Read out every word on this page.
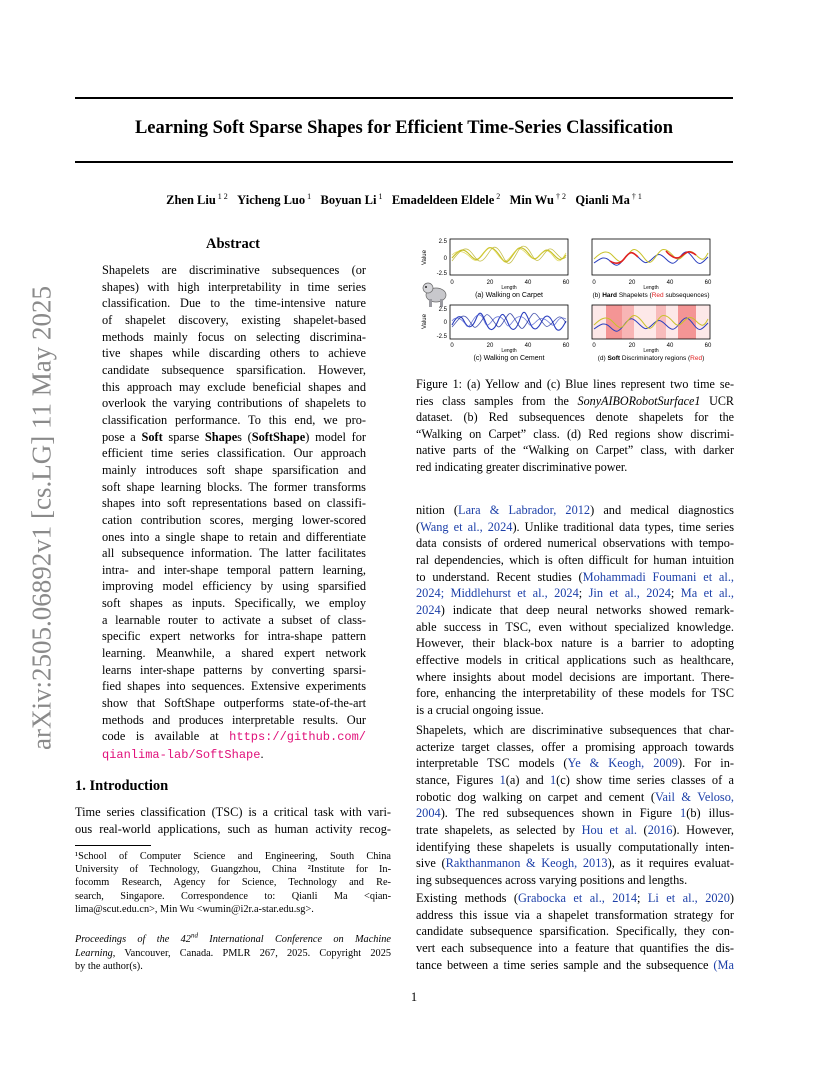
Learning Soft Sparse Shapes for Efficient Time-Series Classification
Zhen Liu $^{1 2}$ Yicheng Luo $^1$ Boyuan Li $^1$ Emadeldeen Eldele $^2$ Min Wu $^{\dagger 2}$ Qianli Ma $^{\dagger 1}$
arXiv:2505.06892v1 [cs.LG] 11 May 2025
Abstract
Shapelets are discriminative subsequences (or
shapes) with high interpretability in time series
classification. Due to the time-intensive nature
of shapelet discovery, existing shapelet-based
methods mainly focus on selecting discrimina-
tive shapes while discarding others to achieve
candidate subsequence sparsification. However,
this approach may exclude beneficial shapes and
overlook the varying contributions of shapelets to
classification performance. To this end, we pro-
pose a Soft sparse Shapes (SoftShape) model for
efficient time series classification. Our approach
mainly introduces soft shape sparsification and
soft shape learning blocks. The former transforms
shapes into soft representations based on classifi-
cation contribution scores, merging lower-scored
ones into a single shape to retain and differentiate
all subsequence information. The latter facilitates
intra- and inter-shape temporal pattern learning,
improving model efficiency by using sparsified
soft shapes as inputs. Specifically, we employ
a learnable router to activate a subset of class-
specific expert networks for intra-shape pattern
learning. Meanwhile, a shared expert network
learns inter-shape patterns by converting sparsi-
fied shapes into sequences. Extensive experiments
show that SoftShape outperforms state-of-the-art
methods and produces interpretable results. Our
code is available at https://github.com/
qianlima-lab/SoftShape.
1. Introduction
Time series classification (TSC) is a critical task with vari-
ous real-world applications, such as human activity recog-
¹School of Computer Science and Engineering, South China
University of Technology, Guangzhou, China ²Institute for In-
focomm Research, Agency for Science, Technology and Re-
search, Singapore. Correspondence to: Qianli Ma <qian-
lima@scut.edu.cn>, Min Wu <wumin@i2r.a-star.edu.sg>.
Proceedings of the 42nd International Conference on Machine
Learning, Vancouver, Canada. PMLR 267, 2025. Copyright 2025
by the author(s).
Value
2.5
0
-2.5
0	20	40	60
Length
(a) Walking on Carpet
0	20	40	60
Length
(b) Hard Shapelets (Red subsequences)
Value
2.5
0
-2.5
0	20	40	60
Length
(c) Walking on Cement
0	20	40	60
Length
(d) Soft Discriminatory regions (Red)
Figure 1: (a) Yellow and (c) Blue lines represent two time se-
ries class samples from the SonyAIBORobotSurface1 UCR
dataset. (b) Red subsequences denote shapelets for the
“Walking on Carpet” class. (d) Red regions show discrimi-
native parts of the “Walking on Carpet” class, with darker
red indicating greater discriminative power.
nition (Lara & Labrador, 2012) and medical diagnostics
(Wang et al., 2024). Unlike traditional data types, time series
data consists of ordered numerical observations with tempo-
ral dependencies, which is often difficult for human intuition
to understand. Recent studies (Mohammadi Foumani et al.,
2024; Middlehurst et al., 2024; Jin et al., 2024; Ma et al.,
2024) indicate that deep neural networks showed remark-
able success in TSC, even without specialized knowledge.
However, their black-box nature is a barrier to adopting
effective models in critical applications such as healthcare,
where insights about model decisions are important. There-
fore, enhancing the interpretability of these models for TSC
is a crucial ongoing issue.
Shapelets, which are discriminative subsequences that char-
acterize target classes, offer a promising approach towards
interpretable TSC models (Ye & Keogh, 2009). For in-
stance, Figures 1(a) and 1(c) show time series classes of a
robotic dog walking on carpet and cement (Vail & Veloso,
2004). The red subsequences shown in Figure 1(b) illus-
trate shapelets, as selected by Hou et al. (2016). However,
identifying these shapelets is usually computationally inten-
sive (Rakthanmanon & Keogh, 2013), as it requires evaluat-
ing subsequences across varying positions and lengths.
Existing methods (Grabocka et al., 2014; Li et al., 2020)
address this issue via a shapelet transformation strategy for
candidate subsequence sparsification. Specifically, they con-
vert each subsequence into a feature that quantifies the dis-
tance between a time series sample and the subsequence (Ma
1
